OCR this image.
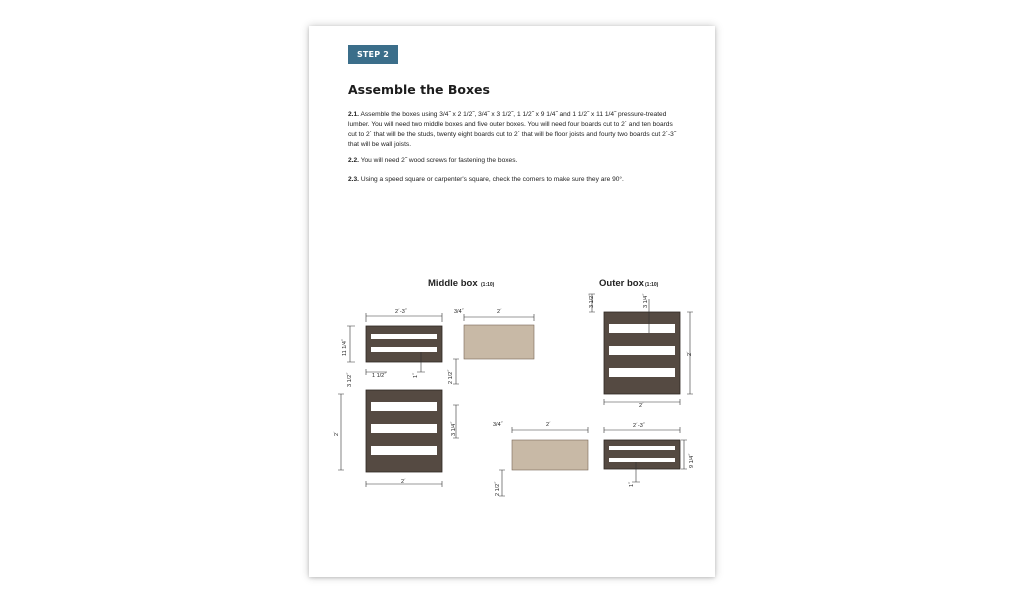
STEP 2
Assemble the Boxes

2.1. Assemble the boxes using 3/4˝ x 2 1/2˝, 3/4˝ x 3 1/2˝, 1 1/2˝ x 9 1/4˝ and 1 1/2˝ x 11 1/4˝ pressure-treated lumber. You will need two middle boxes and five outer boxes. You will need four boards cut to 2´ and ten boards cut to 2´ that will be the studs, twenty eight boards cut to 2´ that will be floor joists and fourty two boards cut 2´-3˝ that will be wall joists.

2.2. You will need 2˝ wood screws for fastening the boxes.

2.3. Using a speed square or carpenter's square, check the corners to make sure they are 90°.

Middle box (1:10)	Outer box (1:10)
2´-3˝
11 1/4˝
1 1/2˝	1˝
3/4˝	2´
2 1/2˝
3 1/2˝
2´	3 1/4˝
2´
3 1/2˝	3 1/4˝
2´
2´
3/4˝	2´
2 1/2˝
2´-3˝
9 1/4˝
1˝
